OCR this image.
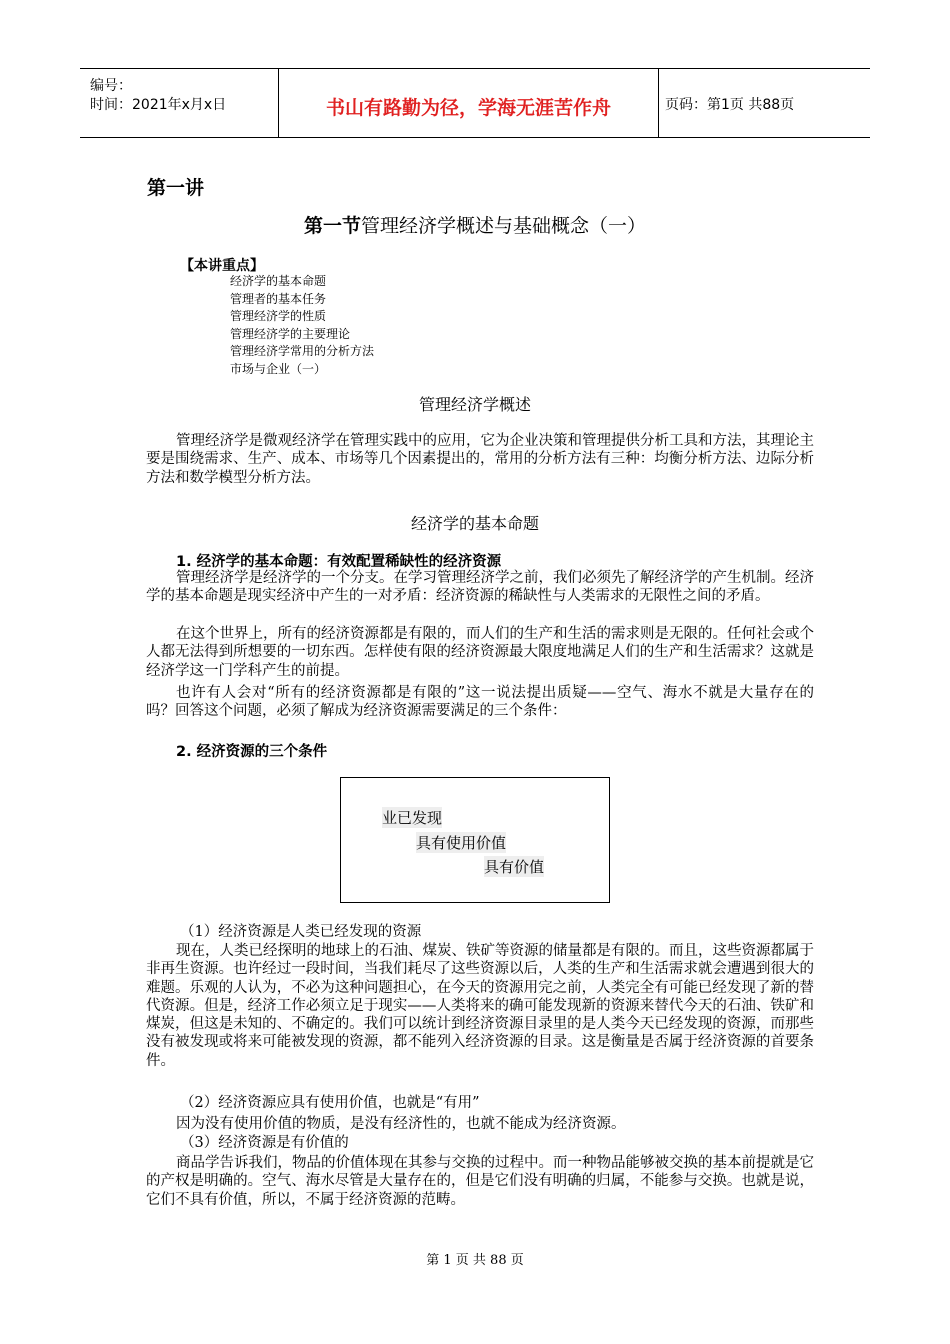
编号：
时间：2021年x月x日	书山有路勤为径，学海无涯苦作舟	页码：第1页 共88页
第一讲
第一节管理经济学概述与基础概念（一）
【本讲重点】
经济学的基本命题
管理者的基本任务
管理经济学的性质
管理经济学的主要理论
管理经济学常用的分析方法
市场与企业（一）
管理经济学概述

管理经济学是微观经济学在管理实践中的应用，它为企业决策和管理提供分析工具和方法，其理论主要是围绕需求、生产、成本、市场等几个因素提出的，常用的分析方法有三种：均衡分析方法、边际分析方法和数学模型分析方法。

经济学的基本命题
1. 经济学的基本命题：有效配置稀缺性的经济资源

管理经济学是经济学的一个分支。在学习管理经济学之前，我们必须先了解经济学的产生机制。经济学的基本命题是现实经济中产生的一对矛盾：经济资源的稀缺性与人类需求的无限性之间的矛盾。

在这个世界上，所有的经济资源都是有限的，而人们的生产和生活的需求则是无限的。任何社会或个人都无法得到所想要的一切东西。怎样使有限的经济资源最大限度地满足人们的生产和生活需求？这就是经济学这一门学科产生的前提。

也许有人会对“所有的经济资源都是有限的”这一说法提出质疑——空气、海水不就是大量存在的吗？回答这个问题，必须了解成为经济资源需要满足的三个条件：

2. 经济资源的三个条件
业已发现
具有使用价值
具有价值

（1）经济资源是人类已经发现的资源

现在，人类已经探明的地球上的石油、煤炭、铁矿等资源的储量都是有限的。而且，这些资源都属于非再生资源。也许经过一段时间，当我们耗尽了这些资源以后，人类的生产和生活需求就会遭遇到很大的难题。乐观的人认为，不必为这种问题担心，在今天的资源用完之前，人类完全有可能已经发现了新的替代资源。但是，经济工作必须立足于现实——人类将来的确可能发现新的资源来替代今天的石油、铁矿和煤炭，但这是未知的、不确定的。我们可以统计到经济资源目录里的是人类今天已经发现的资源，而那些没有被发现或将来可能被发现的资源，都不能列入经济资源的目录。这是衡量是否属于经济资源的首要条件。

（2）经济资源应具有使用价值，也就是“有用”

因为没有使用价值的物质，是没有经济性的，也就不能成为经济资源。

（3）经济资源是有价值的

商品学告诉我们，物品的价值体现在其参与交换的过程中。而一种物品能够被交换的基本前提就是它的产权是明确的。空气、海水尽管是大量存在的，但是它们没有明确的归属，不能参与交换。也就是说，它们不具有价值，所以，不属于经济资源的范畴。

第 1 页 共 88 页
